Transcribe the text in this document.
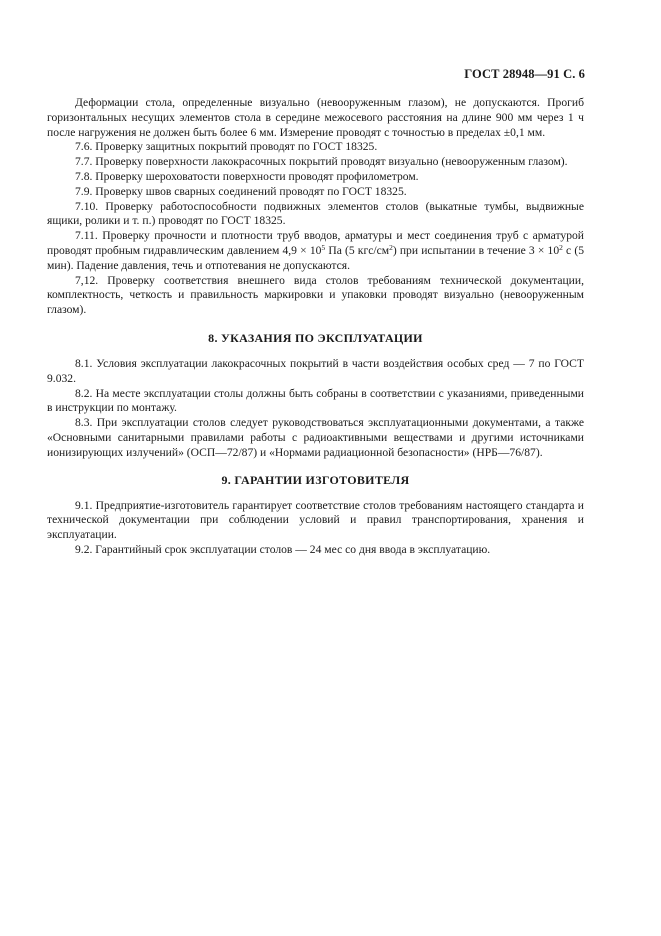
ГОСТ 28948—91 С. 6

Деформации стола, определенные визуально (невооруженным глазом), не допускаются. Прогиб горизонтальных несущих элементов стола в середине межосевого расстояния на длине 900 мм через 1 ч после нагружения не должен быть более 6 мм. Измерение проводят с точностью в пределах ±0,1 мм.

7.6. Проверку защитных покрытий проводят по ГОСТ 18325.

7.7. Проверку поверхности лакокрасочных покрытий проводят визуально (невооруженным глазом).

7.8. Проверку шероховатости поверхности проводят профилометром.

7.9. Проверку швов сварных соединений проводят по ГОСТ 18325.

7.10. Проверку работоспособности подвижных элементов столов (выкатные тумбы, выдвижные ящики, ролики и т. п.) проводят по ГОСТ 18325.

7.11. Проверку прочности и плотности труб вводов, арматуры и мест соединения труб с арматурой проводят пробным гидравлическим давлением $4,9 \times 10^5$ Па (5 кгс/$см^2$) при испытании в течение $3 \times 10^2$ с (5 мин). Падение давления, течь и отпотевания не допускаются.

7,12. Проверку соответствия внешнего вида столов требованиям технической документации, комплектность, четкость и правильность маркировки и упаковки проводят визуально (невооруженным глазом).

8. УКАЗАНИЯ ПО ЭКСПЛУАТАЦИИ

8.1. Условия эксплуатации лакокрасочных покрытий в части воздействия особых сред — 7 по ГОСТ 9.032.

8.2. На месте эксплуатации столы должны быть собраны в соответствии с указаниями, приведенными в инструкции по монтажу.

8.3. При эксплуатации столов следует руководствоваться эксплуатационными документами, а также «Основными санитарными правилами работы с радиоактивными веществами и другими источниками ионизирующих излучений» (ОСП—72/87) и «Нормами радиационной безопасности» (НРБ—76/87).

9. ГАРАНТИИ ИЗГОТОВИТЕЛЯ

9.1. Предприятие-изготовитель гарантирует соответствие столов требованиям настоящего стандарта и технической документации при соблюдении условий и правил транспортирования, хранения и эксплуатации.

9.2. Гарантийный срок эксплуатации столов — 24 мес со дня ввода в эксплуатацию.
